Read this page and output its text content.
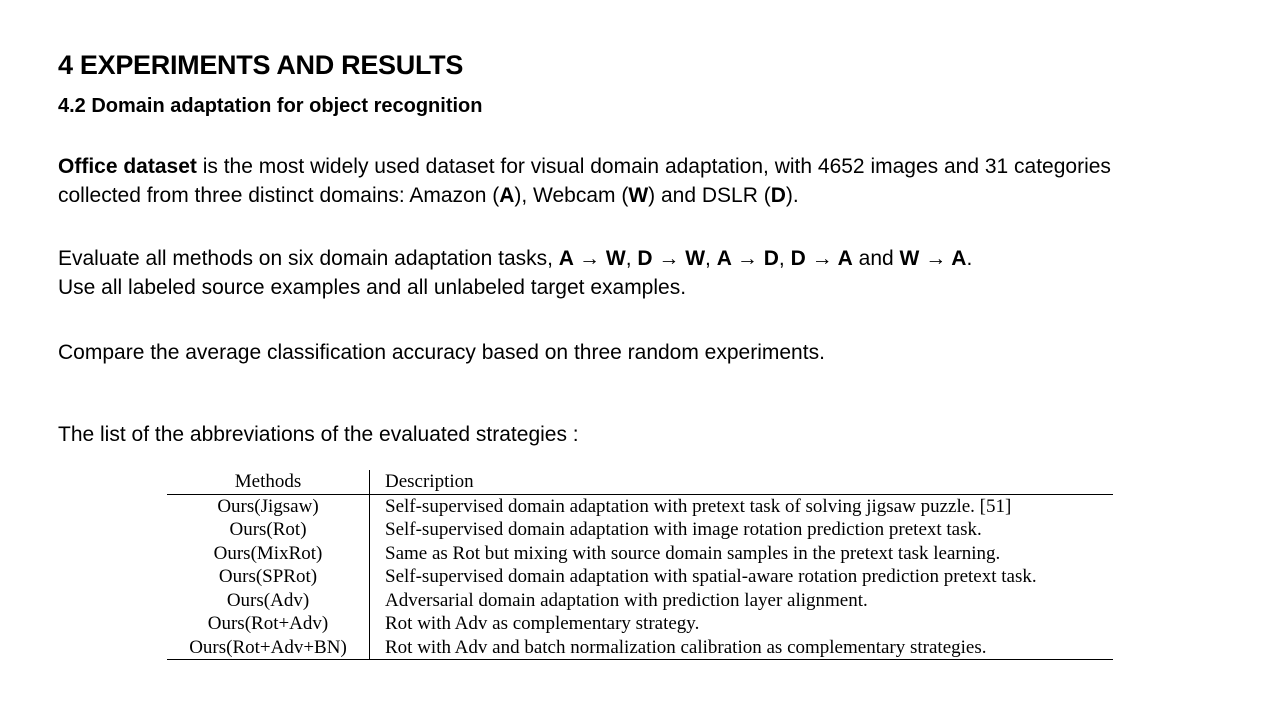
4 EXPERIMENTS AND RESULTS
4.2 Domain adaptation for object recognition
Office dataset is the most widely used dataset for visual domain adaptation, with 4652 images and 31 categories
collected from three distinct domains: Amazon (A), Webcam (W) and DSLR (D).
Evaluate all methods on six domain adaptation tasks, A → W, D → W, A → D, D → A and W → A.
Use all labeled source examples and all unlabeled target examples.
Compare the average classification accuracy based on three random experiments.
The list of the abbreviations of the evaluated strategies :
Methods	Description
Ours(Jigsaw)	Self-supervised domain adaptation with pretext task of solving jigsaw puzzle. [51]
Ours(Rot)	Self-supervised domain adaptation with image rotation prediction pretext task.
Ours(MixRot)	Same as Rot but mixing with source domain samples in the pretext task learning.
Ours(SPRot)	Self-supervised domain adaptation with spatial-aware rotation prediction pretext task.
Ours(Adv)	Adversarial domain adaptation with prediction layer alignment.
Ours(Rot+Adv)	Rot with Adv as complementary strategy.
Ours(Rot+Adv+BN)	Rot with Adv and batch normalization calibration as complementary strategies.
